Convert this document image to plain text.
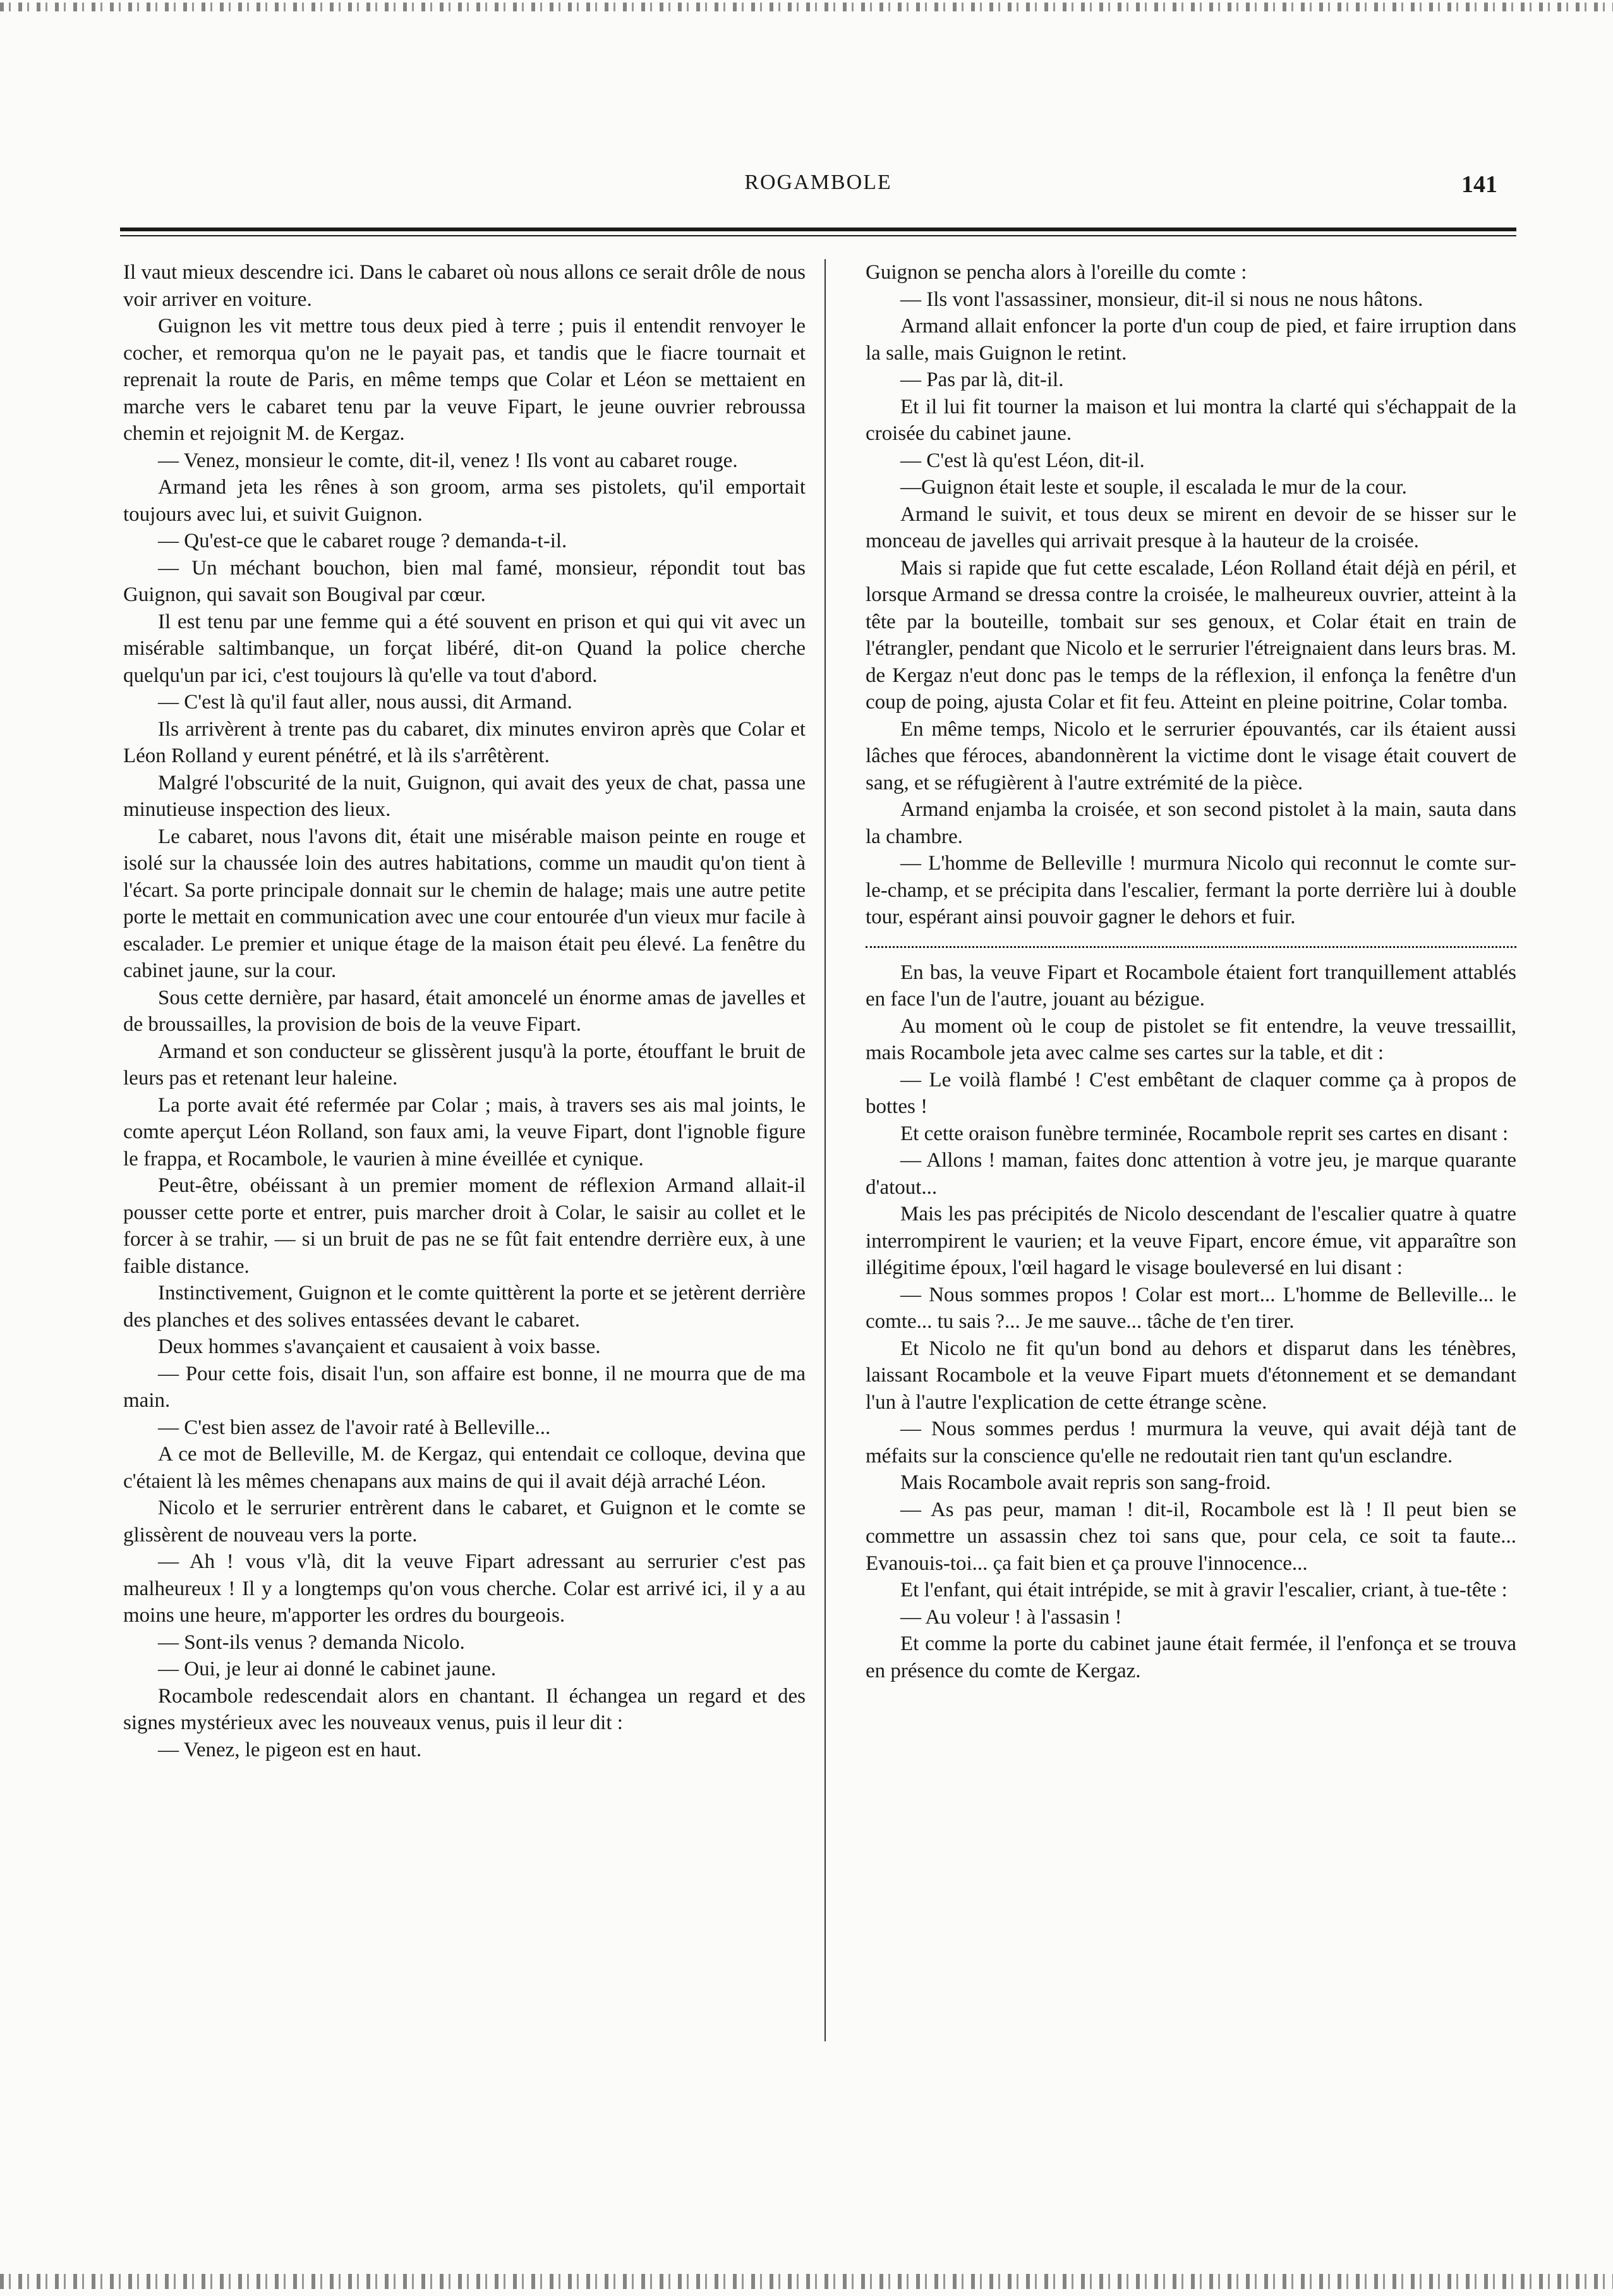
ROGAMBOLE	141

Il vaut mieux descendre ici. Dans le cabaret où nous allons ce serait drôle de nous voir arriver en voiture.

Guignon les vit mettre tous deux pied à terre ; puis il entendit renvoyer le cocher, et remorqua qu'on ne le payait pas, et tandis que le fiacre tournait et reprenait la route de Paris, en même temps que Colar et Léon se mettaient en marche vers le cabaret tenu par la veuve Fipart, le jeune ouvrier rebroussa chemin et rejoignit M. de Kergaz.

— Venez, monsieur le comte, dit-il, venez ! Ils vont au cabaret rouge.

Armand jeta les rênes à son groom, arma ses pistolets, qu'il emportait toujours avec lui, et suivit Guignon.

— Qu'est-ce que le cabaret rouge ? demanda-t-il.

— Un méchant bouchon, bien mal famé, monsieur, répondit tout bas Guignon, qui savait son Bougival par cœur.

Il est tenu par une femme qui a été souvent en prison et qui qui vit avec un misérable saltimbanque, un forçat libéré, dit-on Quand la police cherche quelqu'un par ici, c'est toujours là qu'elle va tout d'abord.

— C'est là qu'il faut aller, nous aussi, dit Armand.

Ils arrivèrent à trente pas du cabaret, dix minutes environ après que Colar et Léon Rolland y eurent pénétré, et là ils s'arrêtèrent.

Malgré l'obscurité de la nuit, Guignon, qui avait des yeux de chat, passa une minutieuse inspection des lieux.

Le cabaret, nous l'avons dit, était une misérable maison peinte en rouge et isolé sur la chaussée loin des autres habitations, comme un maudit qu'on tient à l'écart. Sa porte principale donnait sur le chemin de halage; mais une autre petite porte le mettait en communication avec une cour entourée d'un vieux mur facile à escalader. Le premier et unique étage de la maison était peu élevé. La fenêtre du cabinet jaune, sur la cour.

Sous cette dernière, par hasard, était amoncelé un énorme amas de javelles et de broussailles, la provision de bois de la veuve Fipart.

Armand et son conducteur se glissèrent jusqu'à la porte, étouffant le bruit de leurs pas et retenant leur haleine.

La porte avait été refermée par Colar ; mais, à travers ses ais mal joints, le comte aperçut Léon Rolland, son faux ami, la veuve Fipart, dont l'ignoble figure le frappa, et Rocambole, le vaurien à mine éveillée et cynique.

Peut-être, obéissant à un premier moment de réflexion Armand allait-il pousser cette porte et entrer, puis marcher droit à Colar, le saisir au collet et le forcer à se trahir, — si un bruit de pas ne se fût fait entendre derrière eux, à une faible distance.

Instinctivement, Guignon et le comte quittèrent la porte et se jetèrent derrière des planches et des solives entassées devant le cabaret.

Deux hommes s'avançaient et causaient à voix basse.

— Pour cette fois, disait l'un, son affaire est bonne, il ne mourra que de ma main.

— C'est bien assez de l'avoir raté à Belleville...

A ce mot de Belleville, M. de Kergaz, qui entendait ce colloque, devina que c'étaient là les mêmes chenapans aux mains de qui il avait déjà arraché Léon.

Nicolo et le serrurier entrèrent dans le cabaret, et Guignon et le comte se glissèrent de nouveau vers la porte.

— Ah ! vous v'là, dit la veuve Fipart adressant au serrurier c'est pas malheureux ! Il y a longtemps qu'on vous cherche. Colar est arrivé ici, il y a au moins une heure, m'apporter les ordres du bourgeois.

— Sont-ils venus ? demanda Nicolo.

— Oui, je leur ai donné le cabinet jaune.

Rocambole redescendait alors en chantant. Il échangea un regard et des signes mystérieux avec les nouveaux venus, puis il leur dit :

— Venez, le pigeon est en haut.

Guignon se pencha alors à l'oreille du comte :

— Ils vont l'assassiner, monsieur, dit-il si nous ne nous hâtons.

Armand allait enfoncer la porte d'un coup de pied, et faire irruption dans la salle, mais Guignon le retint.

— Pas par là, dit-il.

Et il lui fit tourner la maison et lui montra la clarté qui s'échappait de la croisée du cabinet jaune.

— C'est là qu'est Léon, dit-il.

—Guignon était leste et souple, il escalada le mur de la cour.

Armand le suivit, et tous deux se mirent en devoir de se hisser sur le monceau de javelles qui arrivait presque à la hauteur de la croisée.

Mais si rapide que fut cette escalade, Léon Rolland était déjà en péril, et lorsque Armand se dressa contre la croisée, le malheureux ouvrier, atteint à la tête par la bouteille, tombait sur ses genoux, et Colar était en train de l'étrangler, pendant que Nicolo et le serrurier l'étreignaient dans leurs bras. M. de Kergaz n'eut donc pas le temps de la réflexion, il enfonça la fenêtre d'un coup de poing, ajusta Colar et fit feu. Atteint en pleine poitrine, Colar tomba.

En même temps, Nicolo et le serrurier épouvantés, car ils étaient aussi lâches que féroces, abandonnèrent la victime dont le visage était couvert de sang, et se réfugièrent à l'autre extrémité de la pièce.

Armand enjamba la croisée, et son second pistolet à la main, sauta dans la chambre.

— L'homme de Belleville ! murmura Nicolo qui reconnut le comte sur-le-champ, et se précipita dans l'escalier, fermant la porte derrière lui à double tour, espérant ainsi pouvoir gagner le dehors et fuir.

En bas, la veuve Fipart et Rocambole étaient fort tranquillement attablés en face l'un de l'autre, jouant au bézigue.

Au moment où le coup de pistolet se fit entendre, la veuve tressaillit, mais Rocambole jeta avec calme ses cartes sur la table, et dit :

— Le voilà flambé ! C'est embêtant de claquer comme ça à propos de bottes !

Et cette oraison funèbre terminée, Rocambole reprit ses cartes en disant :

— Allons ! maman, faites donc attention à votre jeu, je marque quarante d'atout...

Mais les pas précipités de Nicolo descendant de l'escalier quatre à quatre interrompirent le vaurien; et la veuve Fipart, encore émue, vit apparaître son illégitime époux, l'œil hagard le visage bouleversé en lui disant :

— Nous sommes propos ! Colar est mort... L'homme de Belleville... le comte... tu sais ?... Je me sauve... tâche de t'en tirer.

Et Nicolo ne fit qu'un bond au dehors et disparut dans les ténèbres, laissant Rocambole et la veuve Fipart muets d'étonnement et se demandant l'un à l'autre l'explication de cette étrange scène.

— Nous sommes perdus ! murmura la veuve, qui avait déjà tant de méfaits sur la conscience qu'elle ne redoutait rien tant qu'un esclandre.

Mais Rocambole avait repris son sang-froid.

— As pas peur, maman ! dit-il, Rocambole est là ! Il peut bien se commettre un assassin chez toi sans que, pour cela, ce soit ta faute... Evanouis-toi... ça fait bien et ça prouve l'innocence...

Et l'enfant, qui était intrépide, se mit à gravir l'escalier, criant, à tue-tête :

— Au voleur ! à l'assasin !

Et comme la porte du cabinet jaune était fermée, il l'enfonça et se trouva en présence du comte de Kergaz.
